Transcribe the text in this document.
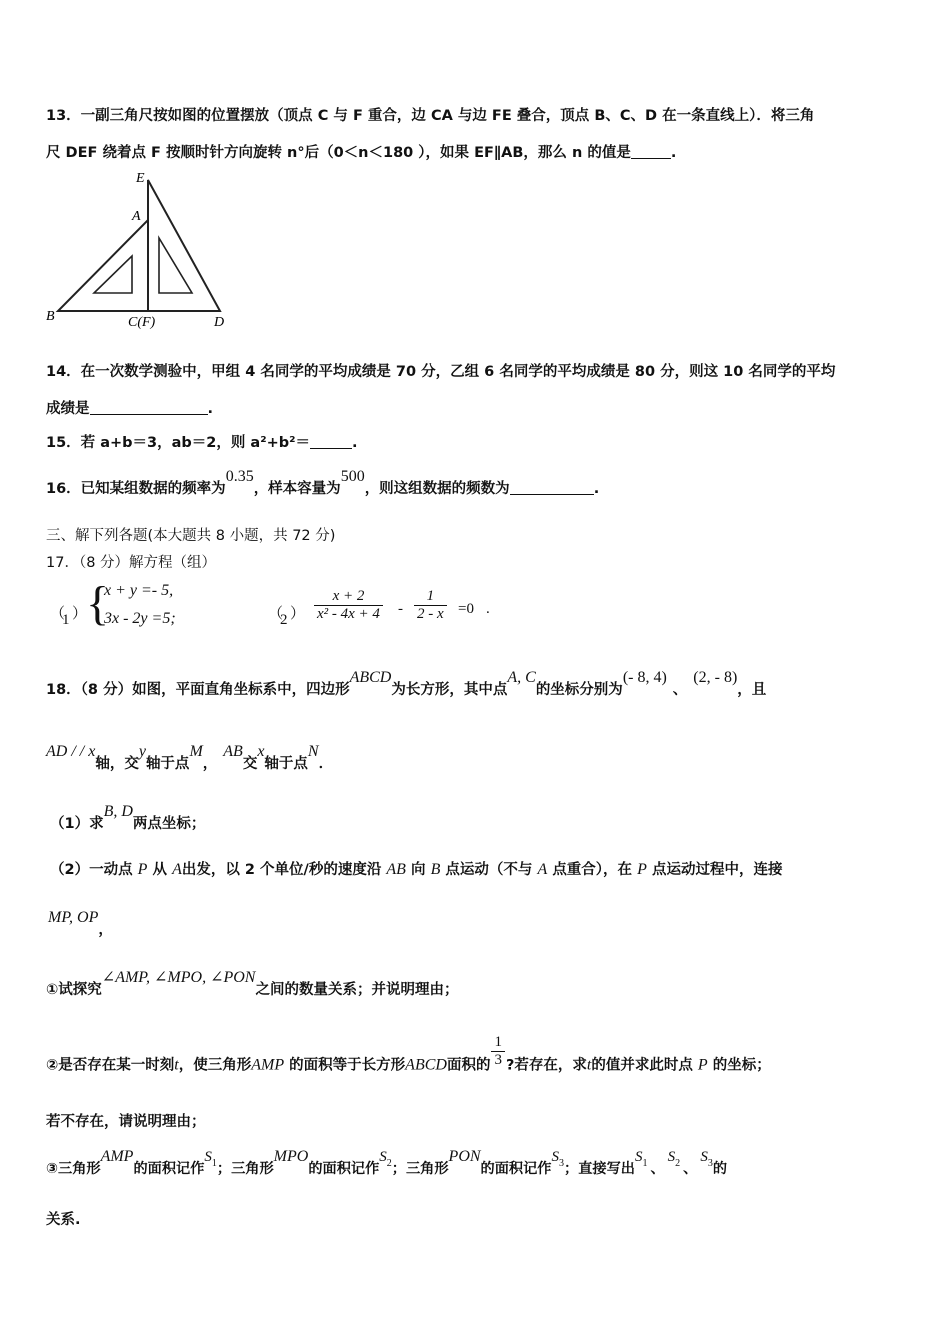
13．一副三角尺按如图的位置摆放（顶点 C 与 F 重合，边 CA 与边 FE 叠合，顶点 B、C、D 在一条直线上）．将三角
尺 DEF 绕着点 F 按顺时针方向旋转 n°后（0＜n＜180 ），如果 EF∥AB，那么 n 的值是	.
E
A
B	C(F)	D
14．在一次数学测验中，甲组 4 名同学的平均成绩是 70 分，乙组 6 名同学的平均成绩是 80 分，则这 10 名同学的平均
成绩是	.
15．若 a+b＝3，ab＝2，则 a²+b²＝	.
16．已知某组数据的频率为0.35，样本容量为500，则这组数据的频数为	.
三、解下列各题(本大题共 8 小题，共 72 分)
17．（8 分）解方程（组）
（
1 ）
{
x + y =- 5,
3x - 2y =5;	（
2 ） $\frac{x + 2}{\text{x² - 4x + 4}} - \frac{1}{2 - x} =0$ .
18．（8 分）如图，平面直角坐标系中，四边形ABCD为长方形，其中点A, C的坐标分别为(- 8, 4)、(2, - 8)，且
AD / / x轴，交y轴于点M，AB交x轴于点N．
（1）求B, D两点坐标；
（2）一动点 P 从 A出发，以 2 个单位/秒的速度沿 AB 向 B 点运动（不与 A 点重合），在 P 点运动过程中，连接
MP, OP，
①试探究∠AMP, ∠MPO, ∠PON之间的数量关系；并说明理由；
②是否存在某一时刻t，使三角形AMP 的面积等于长方形ABCD面积的 $\frac{1}{3}$ ?若存在，求t的值并求此时点 P 的坐标；
若不存在，请说明理由；
③三角形AMP的面积记作$S_1$；三角形MPO的面积记作$S_2$；三角形PON的面积记作$S_3$；直接写出$S_1$ 、$S_2$ 、$S_3$的
关系.
